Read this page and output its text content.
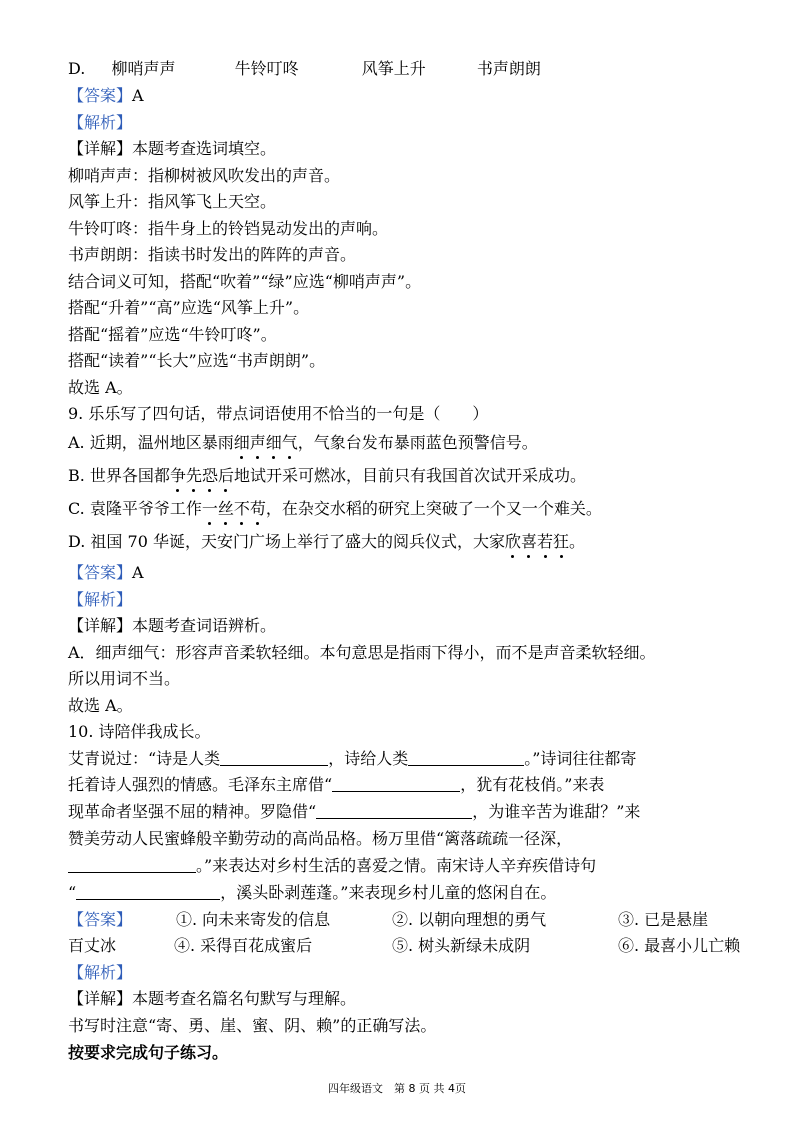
D. 柳哨声声	牛铃叮咚	风筝上升	书声朗朗
【答案】A
【解析】
【详解】本题考查选词填空。
柳哨声声：指柳树被风吹发出的声音。
风筝上升：指风筝飞上天空。
牛铃叮咚：指牛身上的铃铛晃动发出的声响。
书声朗朗：指读书时发出的阵阵的声音。
结合词义可知，搭配“吹着”“绿”应选“柳哨声声”。
搭配“升着”“高”应选“风筝上升”。
搭配“摇着”应选“牛铃叮咚”。
搭配“读着”“长大”应选“书声朗朗”。
故选 A。
9. 乐乐写了四句话，带点词语使用不恰当的一句是（　　）
A. 近期，温州地区暴雨细声细气，气象台发布暴雨蓝色预警信号。
B. 世界各国都争先恐后地试开采可燃冰，目前只有我国首次试开采成功。
C. 袁隆平爷爷工作一丝不苟，在杂交水稻的研究上突破了一个又一个难关。
D. 祖国 70 华诞，天安门广场上举行了盛大的阅兵仪式，大家欣喜若狂。
【答案】A
【解析】
【详解】本题考查词语辨析。
A．细声细气：形容声音柔软轻细。本句意思是指雨下得小，而不是声音柔软轻细。
所以用词不当。
故选 A。
10. 诗陪伴我成长。
艾青说过：“诗是人类	，诗给人类	。”诗词往往都寄
托着诗人强烈的情感。毛泽东主席借“	，犹有花枝俏。”来表
现革命者坚强不屈的精神。罗隐借“	，为谁辛苦为谁甜？”来
赞美劳动人民蜜蜂般辛勤劳动的高尚品格。杨万里借“篱落疏疏一径深，
。”来表达对乡村生活的喜爱之情。南宋诗人辛弃疾借诗句
“	，溪头卧剥莲蓬。”来表现乡村儿童的悠闲自在。
【答案】	①. 向未来寄发的信息	②. 以朝向理想的勇气	③. 已是悬崖
百丈冰	④. 采得百花成蜜后	⑤. 树头新绿未成阴	⑥. 最喜小儿亡赖
【解析】
【详解】本题考查名篇名句默写与理解。
书写时注意“寄、勇、崖、蜜、阴、赖”的正确写法。
按要求完成句子练习。
四年级语文　第 8 页 共 4页
